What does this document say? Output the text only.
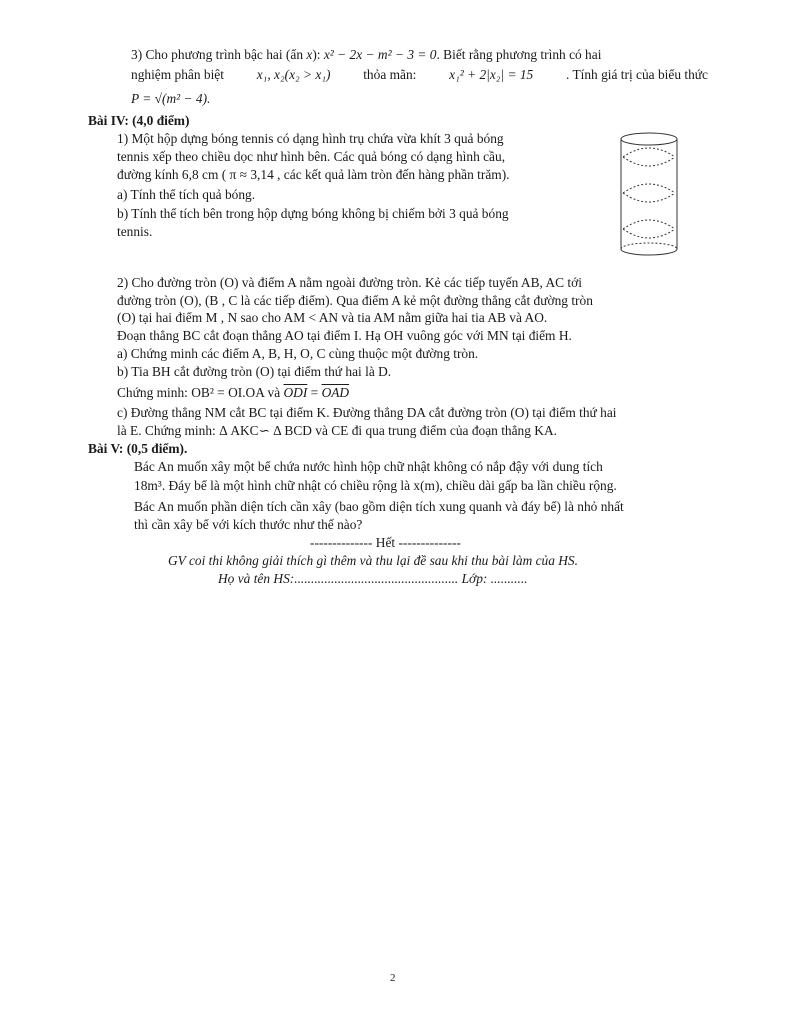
3) Cho phương trình bậc hai (ẩn x): x² − 2x − m² − 3 = 0. Biết rằng phương trình có hai
nghiệm phân biệt x₁, x₂(x₂ > x₁) thỏa mãn: x₁² + 2|x₂| = 15 . Tính giá trị của biểu thức
P = √(m² − 4).
Bài IV: (4,0 điểm)
1) Một hộp dựng bóng tennis có dạng hình trụ chứa vừa khít 3 quả bóng
tennis xếp theo chiều dọc như hình bên. Các quả bóng có dạng hình cầu,
đường kính 6,8 cm ( π ≈ 3,14 , các kết quả làm tròn đến hàng phần trăm).
a) Tính thể tích quả bóng.
b) Tính thể tích bên trong hộp dựng bóng không bị chiếm bởi 3 quả bóng
tennis.
2) Cho đường tròn (O) và điểm A nằm ngoài đường tròn. Kẻ các tiếp tuyến AB, AC tới
đường tròn (O), (B , C là các tiếp điểm). Qua điểm A kẻ một đường thẳng cắt đường tròn
(O) tại hai điểm M , N sao cho AM < AN và tia AM nằm giữa hai tia AB và AO.
Đoạn thẳng BC cắt đoạn thẳng AO tại điểm I. Hạ OH vuông góc với MN tại điểm H.
a) Chứng minh các điểm A, B, H, O, C cùng thuộc một đường tròn.
b) Tia BH cắt đường tròn (O) tại điểm thứ hai là D.
Chứng minh: OB² = OI.OA và $\overline{ODI} = \overline{OAD}$
c) Đường thẳng NM cắt BC tại điểm K. Đường thẳng DA cắt đường tròn (O) tại điểm thứ hai
là E. Chứng minh: Δ AKC∽ Δ BCD và CE đi qua trung điểm của đoạn thẳng KA.
Bài V: (0,5 điểm).
Bác An muốn xây một bể chứa nước hình hộp chữ nhật không có nắp đậy với dung tích
18m³. Đáy bể là một hình chữ nhật có chiều rộng là x(m), chiều dài gấp ba lần chiều rộng.
Bác An muốn phần diện tích cần xây (bao gồm diện tích xung quanh và đáy bể) là nhỏ nhất
thì cần xây bể với kích thước như thế nào?
-------------- Hết --------------
GV coi thi không giải thích gì thêm và thu lại đề sau khi thu bài làm của HS.
Họ và tên HS:................................................. Lớp: ...........
2
